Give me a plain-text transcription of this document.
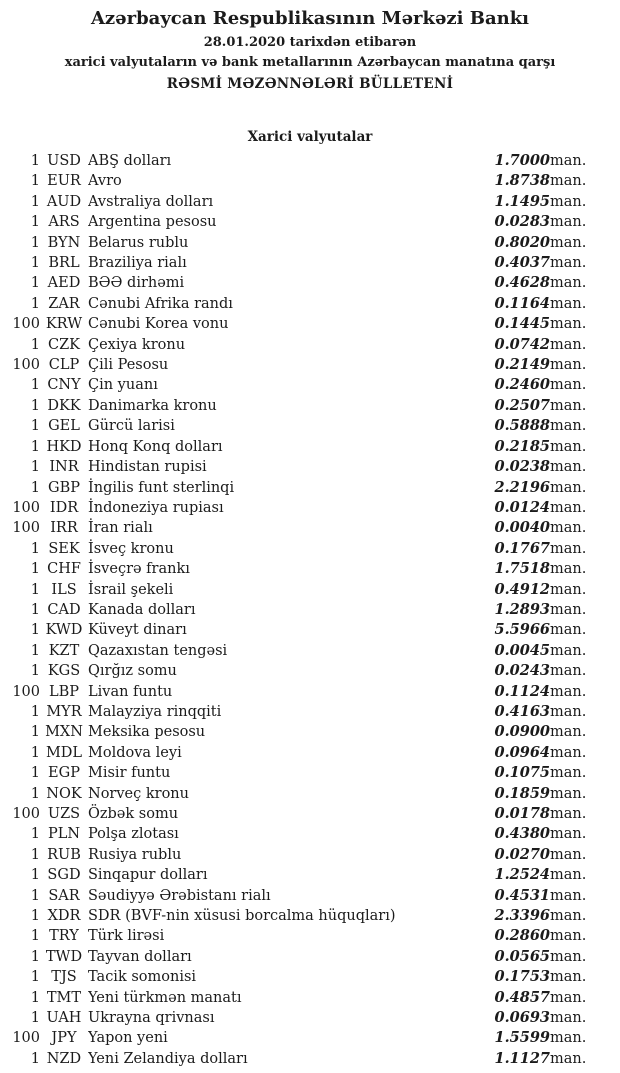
Azərbaycan Respublikasının Mərkəzi Bankı
28.01.2020 tarixdən etibarən
xarici valyutaların və bank metallarının Azərbaycan manatına qarşı
RƏSMİ MƏZƏNNƏLƏRİ BÜLLETENİ
Xarici valyutalar
1	USD	ABŞ dolları	1.7000	man.
1	EUR	Avro	1.8738	man.
1	AUD	Avstraliya dolları	1.1495	man.
1	ARS	Argentina pesosu	0.0283	man.
1	BYN	Belarus rublu	0.8020	man.
1	BRL	Braziliya rialı	0.4037	man.
1	AED	BƏƏ dirhəmi	0.4628	man.
1	ZAR	Cənubi Afrika randı	0.1164	man.
100	KRW	Cənubi Korea vonu	0.1445	man.
1	CZK	Çexiya kronu	0.0742	man.
100	CLP	Çili Pesosu	0.2149	man.
1	CNY	Çin yuanı	0.2460	man.
1	DKK	Danimarka kronu	0.2507	man.
1	GEL	Gürcü larisi	0.5888	man.
1	HKD	Honq Konq dolları	0.2185	man.
1	INR	Hindistan rupisi	0.0238	man.
1	GBP	İngilis funt sterlinqi	2.2196	man.
100	IDR	İndoneziya rupiası	0.0124	man.
100	IRR	İran rialı	0.0040	man.
1	SEK	İsveç kronu	0.1767	man.
1	CHF	İsveçrə frankı	1.7518	man.
1	ILS	İsrail şekeli	0.4912	man.
1	CAD	Kanada dolları	1.2893	man.
1	KWD	Küveyt dinarı	5.5966	man.
1	KZT	Qazaxıstan tengəsi	0.0045	man.
1	KGS	Qırğız somu	0.0243	man.
100	LBP	Livan funtu	0.1124	man.
1	MYR	Malayziya rinqqiti	0.4163	man.
1	MXN	Meksika pesosu	0.0900	man.
1	MDL	Moldova leyi	0.0964	man.
1	EGP	Misir funtu	0.1075	man.
1	NOK	Norveç kronu	0.1859	man.
100	UZS	Özbək somu	0.0178	man.
1	PLN	Polşa zlotası	0.4380	man.
1	RUB	Rusiya rublu	0.0270	man.
1	SGD	Sinqapur dolları	1.2524	man.
1	SAR	Səudiyyə Ərəbistanı rialı	0.4531	man.
1	XDR	SDR (BVF-nin xüsusi borcalma hüquqları)	2.3396	man.
1	TRY	Türk lirəsi	0.2860	man.
1	TWD	Tayvan dolları	0.0565	man.
1	TJS	Tacik somonisi	0.1753	man.
1	TMT	Yeni türkmən manatı	0.4857	man.
1	UAH	Ukrayna qrivnası	0.0693	man.
100	JPY	Yapon yeni	1.5599	man.
1	NZD	Yeni Zelandiya dolları	1.1127	man.
